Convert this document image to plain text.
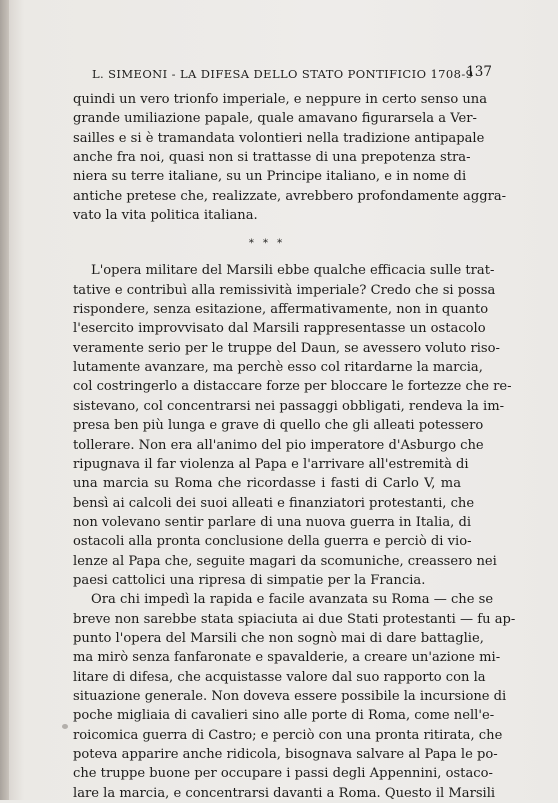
L. SIMEONI - LA DIFESA DELLO STATO PONTIFICIO 1708-9
137
quindi un vero trionfo imperiale, e neppure in certo senso una
grande umiliazione papale, quale amavano figurarsela a Ver-
sailles e si è tramandata volontieri nella tradizione antipapale
anche fra noi, quasi non si trattasse di una prepotenza stra-
niera su terre italiane, su un Principe italiano, e in nome di
antiche pretese che, realizzate, avrebbero profondamente aggra-
vato la vita politica italiana.
* * *
L'opera militare del Marsili ebbe qualche efficacia sulle trat-
tative e contribuì alla remissività imperiale? Credo che si possa
rispondere, senza esitazione, affermativamente, non in quanto
l'esercito improvvisato dal Marsili rappresentasse un ostacolo
veramente serio per le truppe del Daun, se avessero voluto riso-
lutamente avanzare, ma perchè esso col ritardarne la marcia,
col costringerlo a distaccare forze per bloccare le fortezze che re-
sistevano, col concentrarsi nei passaggi obbligati, rendeva la im-
presa ben più lunga e grave di quello che gli alleati potessero
tollerare. Non era all'animo del pio imperatore d'Asburgo che
ripugnava il far violenza al Papa e l'arrivare all'estremità di
una marcia su Roma che ricordasse i fasti di Carlo V, ma
bensì ai calcoli dei suoi alleati e finanziatori protestanti, che
non volevano sentir parlare di una nuova guerra in Italia, di
ostacoli alla pronta conclusione della guerra e perciò di vio-
lenze al Papa che, seguite magari da scomuniche, creassero nei
paesi cattolici una ripresa di simpatie per la Francia.
Ora chi impedì la rapida e facile avanzata su Roma — che se
breve non sarebbe stata spiaciuta ai due Stati protestanti — fu ap-
punto l'opera del Marsili che non sognò mai di dare battaglie,
ma mirò senza fanfaronate e spavalderie, a creare un'azione mi-
litare di difesa, che acquistasse valore dal suo rapporto con la
situazione generale. Non doveva essere possibile la incursione di
poche migliaia di cavalieri sino alle porte di Roma, come nell'e-
roicomica guerra di Castro; e perciò con una pronta ritirata, che
poteva apparire anche ridicola, bisognava salvare al Papa le po-
che truppe buone per occupare i passi degli Appennini, ostaco-
lare la marcia, e concentrarsi davanti a Roma. Questo il Marsili
